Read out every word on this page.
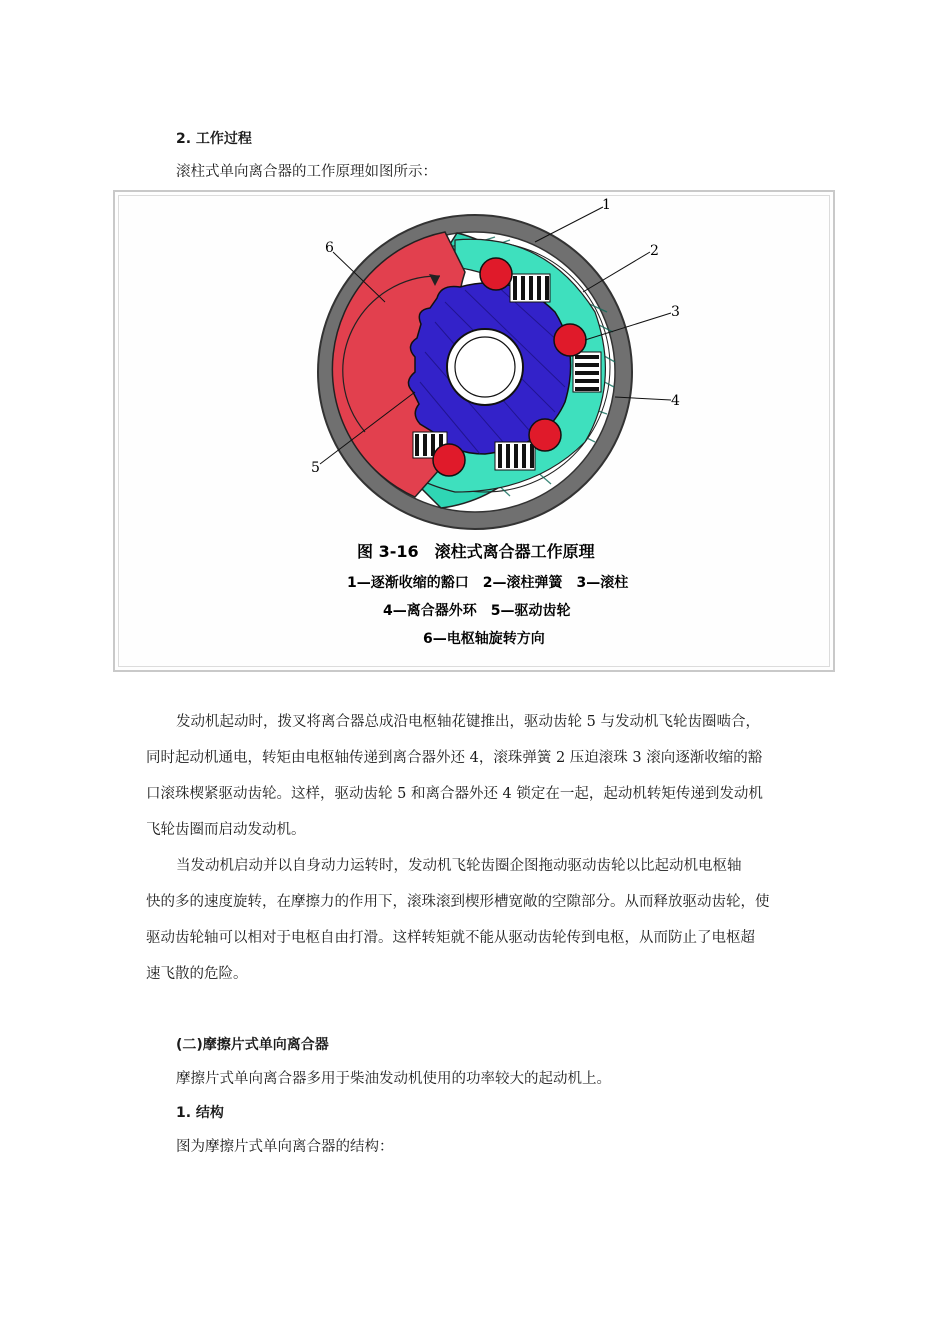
2. 工作过程
滚柱式单向离合器的工作原理如图所示：
1
2
3
4
5
6
图 3-16　滚柱式离合器工作原理
1—逐渐收缩的豁口　2—滚柱弹簧　3—滚柱
4—离合器外环　5—驱动齿轮
6—电枢轴旋转方向
发动机起动时，拨叉将离合器总成沿电枢轴花键推出，驱动齿轮 5 与发动机飞轮齿圈啮合，
同时起动机通电，转矩由电枢轴传递到离合器外还 4，滚珠弹簧 2 压迫滚珠 3 滚向逐渐收缩的豁
口滚珠楔紧驱动齿轮。这样，驱动齿轮 5 和离合器外还 4 锁定在一起，起动机转矩传递到发动机
飞轮齿圈而启动发动机。
当发动机启动并以自身动力运转时，发动机飞轮齿圈企图拖动驱动齿轮以比起动机电枢轴
快的多的速度旋转，在摩擦力的作用下，滚珠滚到楔形槽宽敞的空隙部分。从而释放驱动齿轮，使
驱动齿轮轴可以相对于电枢自由打滑。这样转矩就不能从驱动齿轮传到电枢，从而防止了电枢超
速飞散的危险。
(二)摩擦片式单向离合器
摩擦片式单向离合器多用于柴油发动机使用的功率较大的起动机上。
1. 结构
图为摩擦片式单向离合器的结构：
